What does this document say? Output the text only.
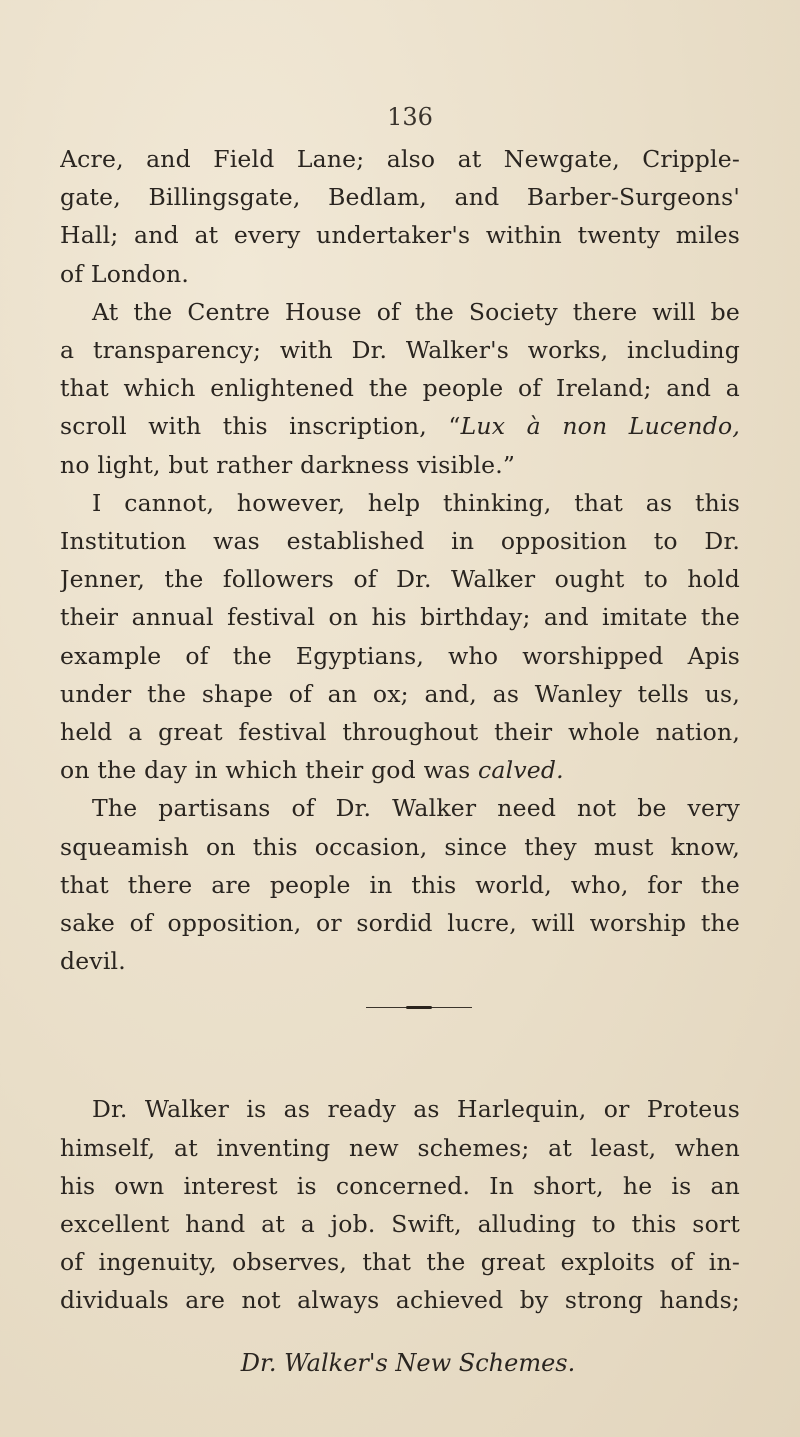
136
Acre, and Field Lane; also at Newgate, Cripple-
gate, Billingsgate, Bedlam, and Barber-Surgeons'
Hall; and at every undertaker's within twenty miles
of London.
At the Centre House of the Society there will be
a transparency; with Dr. Walker's works, including
that which enlightened the people of Ireland; and a
scroll with this inscription, “Lux à non Lucendo,
no light, but rather darkness visible.”
I cannot, however, help thinking, that as this
Institution was established in opposition to Dr.
Jenner, the followers of Dr. Walker ought to hold
their annual festival on his birthday; and imitate the
example of the Egyptians, who worshipped Apis
under the shape of an ox; and, as Wanley tells us,
held a great festival throughout their whole nation,
on the day in which their god was calved.
The partisans of Dr. Walker need not be very
squeamish on this occasion, since they must know,
that there are people in this world, who, for the
sake of opposition, or sordid lucre, will worship the
devil.
Dr. Walker's New Schemes.
Dr. Walker is as ready as Harlequin, or Proteus
himself, at inventing new schemes; at least, when
his own interest is concerned. In short, he is an
excellent hand at a job. Swift, alluding to this sort
of ingenuity, observes, that the great exploits of in-
dividuals are not always achieved by strong hands;
